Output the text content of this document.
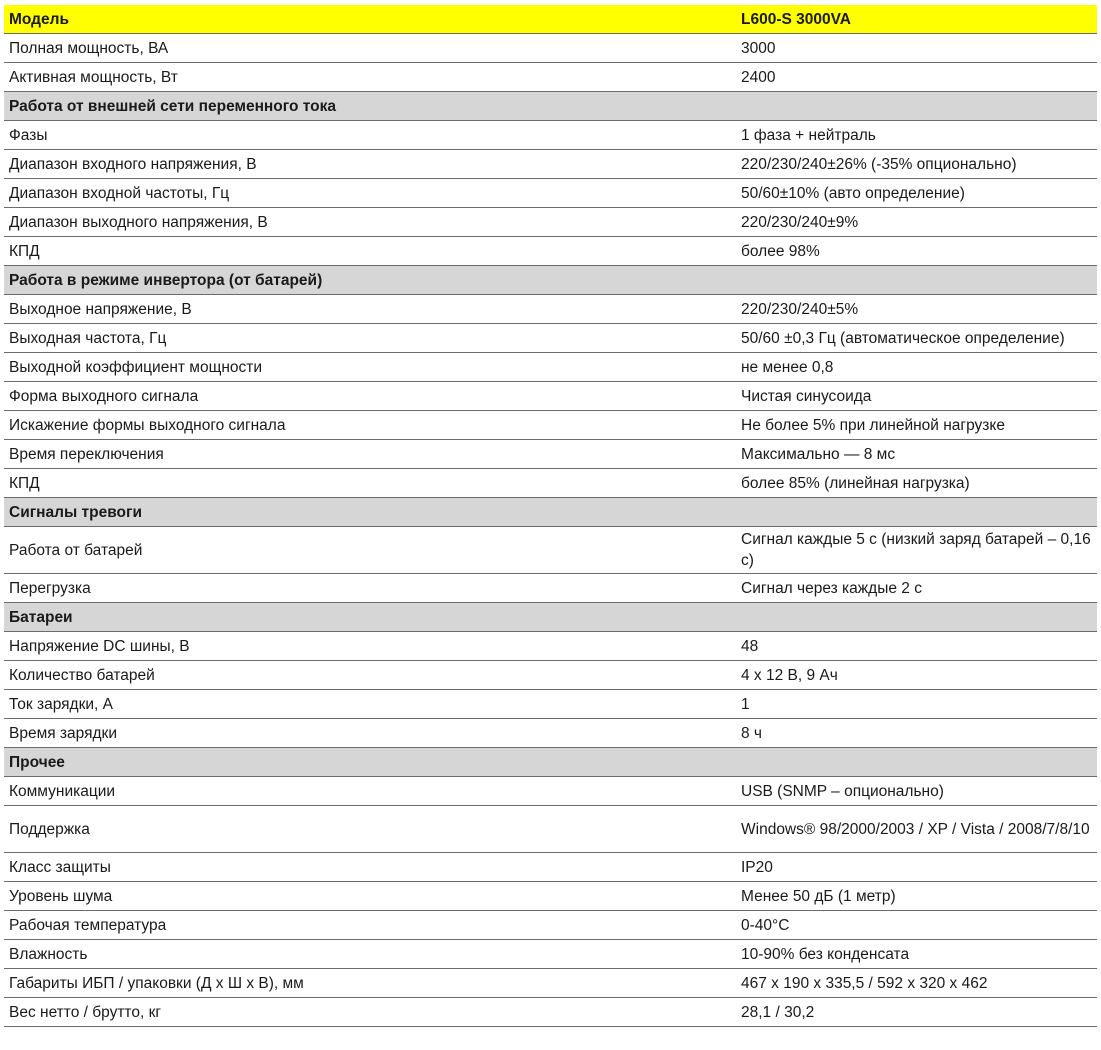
Модель	L600-S 3000VA
Полная мощность, ВА	3000
Активная мощность, Вт	2400
Работа от внешней сети переменного тока	
Фазы	1 фаза + нейтраль
Диапазон входного напряжения, В	220/230/240±26% (-35% опционально)
Диапазон входной частоты, Гц	50/60±10% (авто определение)
Диапазон выходного напряжения, В	220/230/240±9%
КПД	более 98%
Работа в режиме инвертора (от батарей)	
Выходное напряжение, В	220/230/240±5%
Выходная частота, Гц	50/60 ±0,3 Гц (автоматическое определение)
Выходной коэффициент мощности	не менее 0,8
Форма выходного сигнала	Чистая синусоида
Искажение формы выходного сигнала	Не более 5% при линейной нагрузке
Время переключения	Максимально — 8 мс
КПД	более 85% (линейная нагрузка)
Сигналы тревоги	
Работа от батарей	Сигнал каждые 5 с (низкий заряд батарей – 0,16 с)
Перегрузка	Сигнал через каждые 2 с
Батареи	
Напряжение DC шины, В	48
Количество батарей	4 х 12 В, 9 Ач
Ток зарядки, А	1
Время зарядки	8 ч
Прочее	
Коммуникации	USB (SNMP – опционально)
Поддержка	Windows® 98/2000/2003 / XP / Vista / 2008/7/8/10
Класс защиты	IP20
Уровень шума	Менее 50 дБ (1 метр)
Рабочая температура	0-40°С
Влажность	10-90% без конденсата
Габариты ИБП / упаковки (Д х Ш х В), мм	467 х 190 х 335,5 / 592 х 320 х 462
Вес нетто / брутто, кг	28,1 / 30,2
